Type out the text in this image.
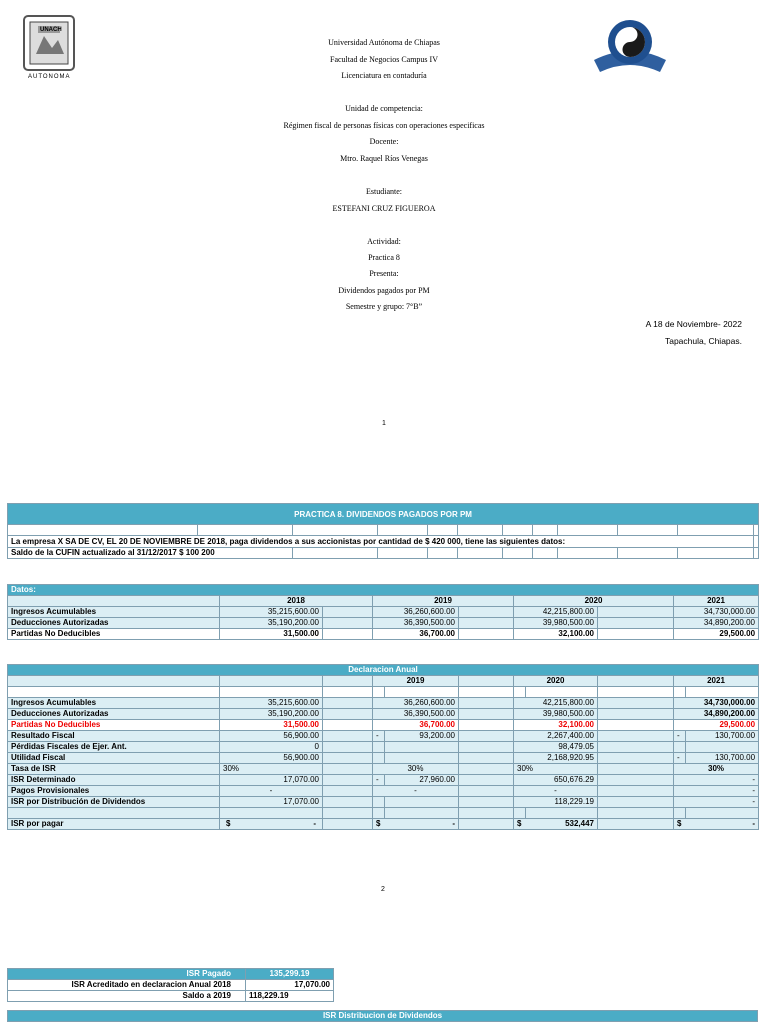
UNACH
AUTONOMA
Universidad Autónoma de Chiapas
Facultad de Negocios Campus IV
Licenciatura en contaduría
Unidad de competencia:
Régimen fiscal de personas físicas con operaciones especificas
Docente:
Mtro. Raquel Ríos Venegas
Estudiante:
ESTEFANI CRUZ FIGUEROA
Actividad:
Practica 8
Presenta:
Dividendos pagados por PM
Semestre y grupo: 7°B”
A 18 de Noviembre- 2022
Tapachula, Chiapas.
1
PRACTICA 8. DIVIDENDOS PAGADOS POR PM											

La empresa X SA DE CV, EL 20 DE NOVIEMBRE DE 2018, paga dividendos a sus accionistas por cantidad de $ 420 000, tiene las siguientes datos:											
Saldo de la CUFIN actualizado al 31/12/2017 $ 100 200											
Datos:							
	2018		2019		2020		2021
Ingresos Acumulables	35,215,600.00		36,260,600.00		42,215,800.00		34,730,000.00
Deducciones Autorizadas	35,190,200.00		36,390,500.00		39,980,500.00		34,890,200.00
Partidas No Deducibles	31,500.00		36,700.00		32,100.00		29,500.00
Declaracion Anual										
			2019			2020			2021	

Ingresos Acumulables	35,215,600.00		36,260,600.00			42,215,800.00			34,730,000.00	
Deducciones Autorizadas	35,190,200.00		36,390,500.00			39,980,500.00			34,890,200.00	
Partidas No Deducibles	31,500.00		36,700.00			32,100.00			29,500.00	
Resultado Fiscal	56,900.00		-	93,200.00		2,267,400.00			-	130,700.00
Pérdidas Fiscales de Ejer. Ant.	0					98,479.05				
Utilidad Fiscal	56,900.00					2,168,920.95			-	130,700.00
Tasa de ISR	30%		30%			30%			30%	
ISR Determinado	17,070.00		-	27,960.00		650,676.29			-	
Pagos Provisionales	-		-			-			-	
ISR por Distribución de Dividendos	17,070.00					118,229.19			-	

ISR por pagar	$ -		$ -			$ 532,447			$ -	
2
ISR Pagado	135,299.19
ISR Acreditado en declaracion Anual 2018	17,070.00
Saldo a 2019	118,229.19
ISR Distribucion de Dividendos
